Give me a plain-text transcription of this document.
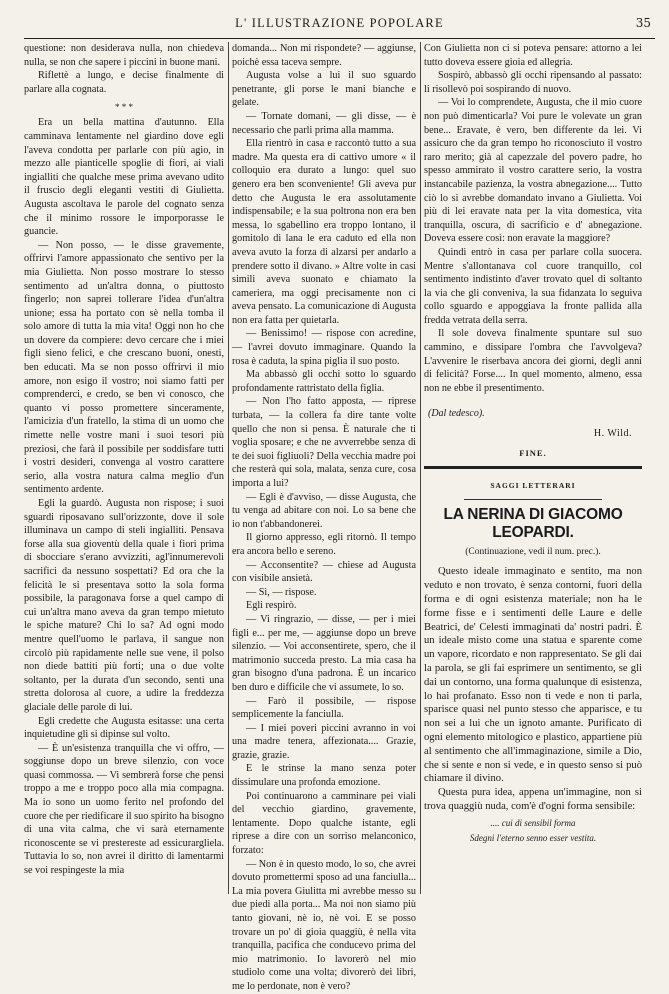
L' ILLUSTRAZIONE POPOLARE	35

questione: non desiderava nulla, non chiedeva nulla, se non che sapere i piccini in buone mani.

Riflettè a lungo, e decise finalmente di parlare alla cognata.

* * *

Era un bella mattina d'autunno. Ella camminava lentamente nel giardino dove egli l'aveva condotta per parlarle con più agio, in mezzo alle pianticelle spoglie di fiori, ai viali ingialliti che qualche mese prima avevano udito il fruscio degli eleganti vestiti di Giulietta. Augusta ascoltava le parole del cognato senza che il minimo rossore le imporporasse le guancie.

— Non posso, — le disse gravemente, offrirvi l'amore appassionato che sentivo per la mia Giulietta. Non posso mostrare lo stesso sentimento ad un'altra donna, o piuttosto fingerlo; non saprei tollerare l'idea d'un'altra unione; essa ha portato con sè nella tomba il solo amore di tutta la mia vita! Oggi non ho che un dovere da compiere: devo cercare che i miei figli sieno felici, e che crescano buoni, onesti, ben educati. Ma se non posso offrirvi il mio amore, non esigo il vostro; noi siamo fatti per comprenderci, e credo, se ben vi conosco, che quanto vi posso promettere sinceramente, l'amicizia d'un fratello, la stima di un uomo che rimette nelle vostre mani i suoi tesori più preziosi, che farà il possibile per soddisfare tutti i vostri desideri, convenga al vostro carattere serio, alla vostra natura calma meglio d'un sentimento ardente.

Egli la guardò. Augusta non rispose; i suoi sguardi riposavano sull'orizzonte, dove il sole illuminava un campo di steli ingialliti. Pensava forse alla sua gioventù della quale i fiori prima di sbocciare s'erano avvizziti, agl'innumerevoli sacrifici da nessuno sospettati? Ed ora che la felicità le si presentava sotto la sola forma possibile, la paragonava forse a quel campo di cui un'altra mano aveva da gran tempo mietuto le spiche mature? Chi lo sa? Ad ogni modo mentre quell'uomo le parlava, il sangue non circolò più rapidamente nelle sue vene, il polso non diede battiti più forti; una o due volte soltanto, per la durata d'un secondo, sentì una stretta dolorosa al cuore, a udire la freddezza glaciale delle parole di lui.

Egli credette che Augusta esitasse: una certa inquietudine gli si dipinse sul volto.

— È un'esistenza tranquilla che vi offro, — soggiunse dopo un breve silenzio, con voce quasi commossa. — Vi sembrerà forse che pensi troppo a me e troppo poco alla mia compagna. Ma io sono un uomo ferito nel profondo del cuore che per riedificare il suo spirito ha bisogno di una vita calma, che vi sarà eternamente riconoscente se vi prestereste ad essicurargliela. Tuttavia lo so, non avrei il diritto di lamentarmi se voi respingeste la mia

domanda... Non mi rispondete? — aggiunse, poichè essa taceva sempre.

Augusta volse a lui il suo sguardo penetrante, gli porse le mani bianche e gelate.

— Tornate domani, — gli disse, — è necessario che parli prima alla mamma.

Ella rientrò in casa e raccontò tutto a sua madre. Ma questa era di cattivo umore « il colloquio era durato a lungo: quel suo genero era ben sconveniente! Gli aveva pur detto che Augusta le era assolutamente indispensabile; e la sua poltrona non era ben messa, lo sgabellino era troppo lontano, il gomitolo di lana le era caduto ed ella non aveva avuto la forza di alzarsi per andarlo a prendere sotto il divano. » Altre volte in casi simili aveva suonato e chiamato la cameriera, ma oggi precisamente non ci aveva pensato. La comunicazione di Augusta non era fatta per quietarla.

— Benissimo! — rispose con acredine, — l'avrei dovuto immaginare. Quando la rosa è caduta, la spina piglia il suo posto.

Ma abbassò gli occhi sotto lo sguardo profondamente rattristato della figlia.

— Non l'ho fatto apposta, — riprese turbata, — la collera fa dire tante volte quello che non si pensa. È naturale che ti voglia sposare; e che ne avverrebbe senza di te dei suoi figliuoli? Della vecchia madre poi che resterà qui sola, malata, senza cure, cosa importa a lui?

— Egli è d'avviso, — disse Augusta, che tu venga ad abitare con noi. Lo sa bene che io non t'abbandonerei.

Il giorno appresso, egli ritornò. Il tempo era ancora bello e sereno.

— Acconsentite? — chiese ad Augusta con visibile ansietà.

— Sì, — rispose.

Egli respirò.

— Vi ringrazio, — disse, — per i miei figli e... per me, — aggiunse dopo un breve silenzio. — Voi acconsentirete, spero, che il matrimonio succeda presto. La mia casa ha gran bisogno d'una padrona. È un incarico ben duro e difficile che vi assumete, lo so.

— Farò il possibile, — rispose semplicemente la fanciulla.

— I miei poveri piccini avranno in voi una madre tenera, affezionata.... Grazie, grazie, grazie.

E le strinse la mano senza poter dissimulare una profonda emozione.

Poi continuarono a camminare pei viali del vecchio giardino, gravemente, lentamente. Dopo qualche istante, egli riprese a dire con un sorriso melanconico, forzato:

— Non è in questo modo, lo so, che avrei dovuto promettermi sposo ad una fanciulla... La mia povera Giulitta mi avrebbe messo su due piedi alla porta... Ma noi non siamo più tanto giovani, nè io, nè voi. E se posso trovare un po' di gioia quaggiù, è nella vita tranquilla, pacifica che conducevo prima del mio matrimonio. Io lavorerò nel mio studiolo come una volta; divorerò dei libri, me lo perdonate, non è vero?

Con Giulietta non ci si poteva pensare: attorno a lei tutto doveva essere gioia ed allegria.

Sospirò, abbassò gli occhi ripensando al passato: li risollevò poi sospirando di nuovo.

— Voi lo comprendete, Augusta, che il mio cuore non può dimenticarla? Voi pure le volevate un gran bene... Eravate, è vero, ben differente da lei. Vi assicuro che da gran tempo ho riconosciuto il vostro raro merito; già al capezzale del povero padre, ho spesso ammirato il vostro carattere serio, la vostra instancabile pazienza, la vostra abnegazione.... Tutto ciò lo si avrebbe domandato invano a Giulietta. Voi più di lei eravate nata per la vita domestica, vita tranquilla, oscura, di sacrificio e d' abnegazione. Doveva essere così: non eravate la maggiore?

Quindi entrò in casa per parlare colla suocera. Mentre s'allontanava col cuore tranquillo, col sentimento indistinto d'aver trovato quel di soltanto la via che gli conveniva, la sua fidanzata lo seguiva collo sguardo e appoggiava la fronte pallida alla fredda vetrata della serra.

Il sole doveva finalmente spuntare sul suo cammino, e dissipare l'ombra che l'avvolgeva? L'avvenire le riserbava ancora dei giorni, degli anni di felicità? Forse.... In quel momento, almeno, essa non ne ebbe il presentimento.

(Dal tedesco).
H. Wild.
FINE.
SAGGI LETTERARI
LA NERINA DI GIACOMO LEOPARDI.
(Continuazione, vedi il num. prec.).

Questo ideale immaginato e sentito, ma non veduto e non trovato, è senza contorni, fuori della forma e di ogni esistenza materiale; non ha le forme fisse e i sentimenti delle Laure e delle Beatrici, de' Celesti immaginati da' nostri padri. È un ideale misto come una statua e sparente come un vapore, ricordato e non rappresentato. Se gli dai la parola, se gli fai esprimere un sentimento, se gli dai un contorno, una forma qualunque di esistenza, lo hai profanato. Esso non ti vede e non ti parla, sparisce quasi nel punto stesso che apparisce, e tu non sei a lui che un ignoto amante. Purificato di ogni elemento mitologico e plastico, appartiene più al sentimento che all'immaginazione, simile a Dio, che si sente e non si vede, e in questo senso si può chiamare il divino.

Questa pura idea, appena un'immagine, non si trova quaggiù nuda, com'è d'ogni forma sensibile:

.... cui di sensibil forma
Sdegni l'eterno senno esser vestita.
